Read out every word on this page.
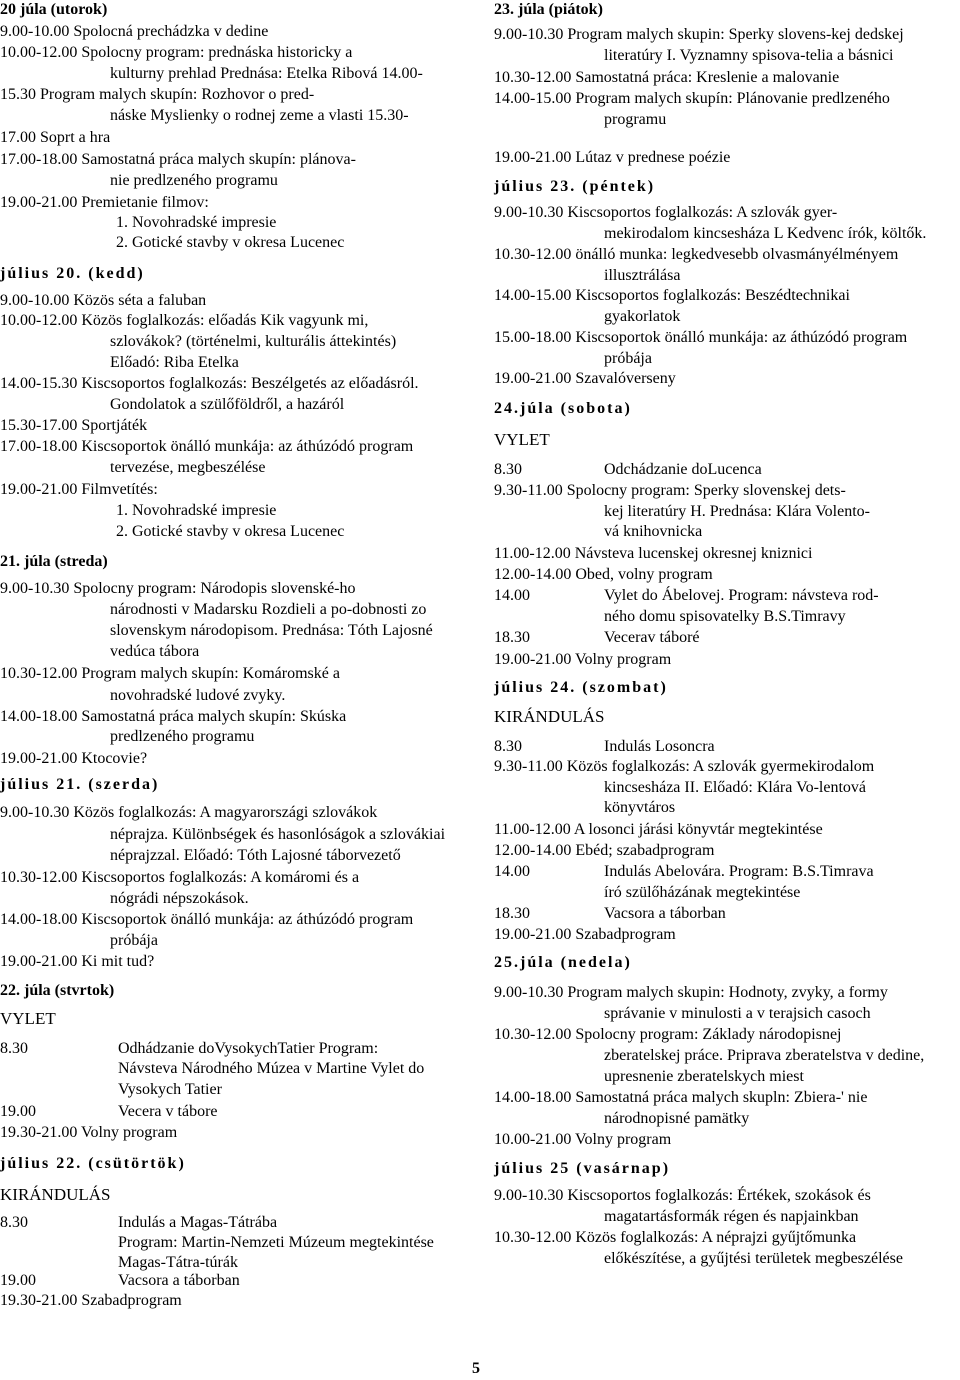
20 júla (utorok)
9.00-10.00 Spolocná prechádzka v dedine
10.00-12.00 Spolocny program: prednáska historicky a
kulturny prehlad Prednása: Etelka Ribová 14.00-
15.30 Program malych skupín: Rozhovor o pred-
náske Myslienky o rodnej zeme a vlasti 15.30-
17.00 Soprt a hra
17.00-18.00 Samostatná práca malych skupín: plánova-
nie predlzeného programu
19.00-21.00 Premietanie filmov:
1. Novohradské impresie
2. Gotické stavby v okresa Lucenec
július 20. (kedd)
9.00-10.00 Közös séta a faluban
10.00-12.00 Közös foglalkozás: előadás Kik vagyunk mi,
szlovákok? (történelmi, kulturális áttekintés)
Előadó: Riba Etelka
14.00-15.30 Kiscsoportos foglalkozás: Beszélgetés az előadásról.
Gondolatok a szülőföldről, a hazáról
15.30-17.00 Sportjáték
17.00-18.00 Kiscsoportok önálló munkája: az áthúzódó program
tervezése, megbeszélése
19.00-21.00 Filmvetítés:
1. Novohradské impresie
2. Gotické stavby v okresa Lucenec
21. júla (streda)
9.00-10.30 Spolocny program: Národopis slovenské-ho
národnosti v Madarsku Rozdieli a po-dobnosti zo
slovenskym národopisom. Prednása: Tóth Lajosné
vedúca tábora
10.30-12.00 Program malych skupín: Komáromské a
novohradské ludové zvyky.
14.00-18.00 Samostatná práca malych skupín: Skúska
predlzeného programu
19.00-21.00 Ktocovie?
július 21. (szerda)
9.00-10.30 Közös foglalkozás: A magyarországi szlovákok
néprajza. Különbségek és hasonlóságok a szlovákiai
néprajzzal. Előadó: Tóth Lajosné táborvezető
10.30-12.00 Kiscsoportos foglalkozás: A komáromi és a
nógrádi népszokások.
14.00-18.00 Kiscsoportok önálló munkája: az áthúzódó program
próbája
19.00-21.00 Ki mit tud?
22. júla (stvrtok)
VYLET
8.30	Odhádzanie doVysokychTatier Program:
Návsteva Národného Múzea v Martine Vylet do
Vysokych Tatier
19.00	Vecera v tábore
19.30-21.00 Volny program
július 22. (csütörtök)
KIRÁNDULÁS
8.30	Indulás a Magas-Tátrába
Program: Martin-Nemzeti Múzeum megtekintése
Magas-Tátra-túrák
19.00	Vacsora a táborban
19.30-21.00 Szabadprogram
23. júla (piátok)
9.00-10.30 Program malych skupin: Sperky slovens-kej dedskej
literatúry I. Vyznamny spisova-telia a básnici
10.30-12.00 Samostatná práca: Kreslenie a malovanie
14.00-15.00 Program malych skupín: Plánovanie predlzeného
programu
19.00-21.00 Lútaz v prednese poézie
július 23. (péntek)
9.00-10.30 Kiscsoportos foglalkozás: A szlovák gyer-
mekirodalom kincsesháza L Kedvenc írók, költők.
10.30-12.00 önálló munka: legkedvesebb olvasmányélményem
illusztrálása
14.00-15.00 Kiscsoportos foglalkozás: Beszédtechnikai
gyakorlatok
15.00-18.00 Kiscsoportok önálló munkája: az áthúzódó program
próbája
19.00-21.00 Szavalóverseny
24.júla (sobota)
VYLET
8.30	Odchádzanie doLucenca
9.30-11.00 Spolocny program: Sperky slovenskej dets-
kej literatúry H. Prednása: Klára Volento-
vá knihovnicka
11.00-12.00 Návsteva lucenskej okresnej kniznici
12.00-14.00 Obed, volny program
14.00	Vylet do Ábelovej. Program: návsteva rod-
ného domu spisovatelky B.S.Timravy
18.30	Vecerav táboré
19.00-21.00 Volny program
július 24. (szombat)
KIRÁNDULÁS
8.30	Indulás Losoncra
9.30-11.00 Közös foglalkozás: A szlovák gyermekirodalom
kincsesháza II. Előadó: Klára Vo-lentová
könyvtáros
11.00-12.00 A losonci járási könyvtár megtekintése
12.00-14.00 Ebéd; szabadprogram
14.00	Indulás Abelovára. Program: B.S.Timrava
író szülőházának megtekintése
18.30	Vacsora a táborban
19.00-21.00 Szabadprogram
25.júla (nedela)
9.00-10.30 Program malych skupin: Hodnoty, zvyky, a formy
správanie v minulosti a v terajsich casoch
10.30-12.00 Spolocny program: Základy národopisnej
zberatelskej práce. Priprava zberatelstva v dedine,
upresnenie zberatelskych miest
14.00-18.00 Samostatná práca malych skupln: Zbiera-' nie
národnopisné pamätky
10.00-21.00 Volny program
július 25 (vasárnap)
9.00-10.30 Kiscsoportos foglalkozás: Értékek, szokások és
magatartásformák régen és napjainkban
10.30-12.00 Közös foglalkozás: A néprajzi gyűjtőmunka
előkészítése, a gyűjtési területek megbeszélése
5
